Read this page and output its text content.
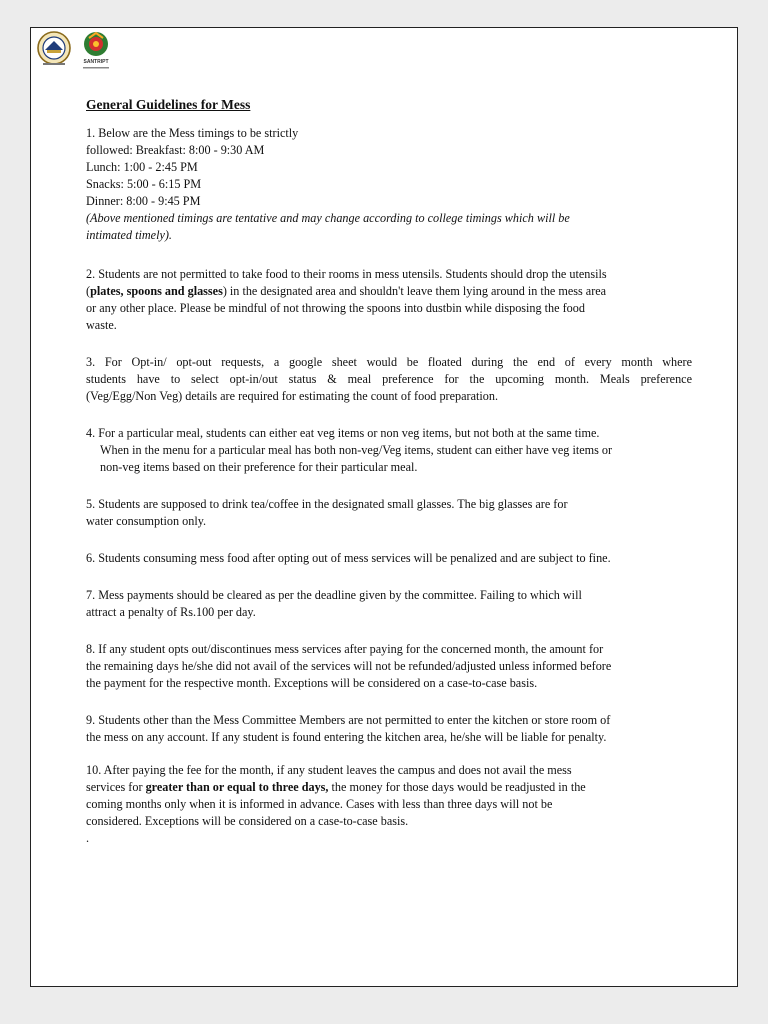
SANTRIPT
General Guidelines for Mess
1. Below are the Mess timings to be strictly
followed: Breakfast: 8:00 - 9:30 AM
Lunch: 1:00 - 2:45 PM
Snacks: 5:00 - 6:15 PM
Dinner: 8:00 - 9:45 PM
(Above mentioned timings are tentative and may change according to college timings which will be
intimated timely).
2. Students are not permitted to take food to their rooms in mess utensils. Students should drop the utensils
(plates, spoons and glasses) in the designated area and shouldn't leave them lying around in the mess area
or any other place. Please be mindful of not throwing the spoons into dustbin while disposing the food
waste.
3. For Opt-in/ opt-out requests, a google sheet would be floated during the end of every month where
students have to select opt-in/out status & meal preference for the upcoming month. Meals preference
(Veg/Egg/Non Veg) details are required for estimating the count of food preparation.
4. For a particular meal, students can either eat veg items or non veg items, but not both at the same time.
When in the menu for a particular meal has both non-veg/Veg items, student can either have veg items or
non-veg items based on their preference for their particular meal.
5. Students are supposed to drink tea/coffee in the designated small glasses. The big glasses are for
water consumption only.
6. Students consuming mess food after opting out of mess services will be penalized and are subject to fine.
7. Mess payments should be cleared as per the deadline given by the committee. Failing to which will
attract a penalty of Rs.100 per day.
8. If any student opts out/discontinues mess services after paying for the concerned month, the amount for
the remaining days he/she did not avail of the services will not be refunded/adjusted unless informed before
the payment for the respective month. Exceptions will be considered on a case-to-case basis.
9. Students other than the Mess Committee Members are not permitted to enter the kitchen or store room of
the mess on any account. If any student is found entering the kitchen area, he/she will be liable for penalty.
10. After paying the fee for the month, if any student leaves the campus and does not avail the mess
services for greater than or equal to three days, the money for those days would be readjusted in the
coming months only when it is informed in advance. Cases with less than three days will not be
considered. Exceptions will be considered on a case-to-case basis.
.
